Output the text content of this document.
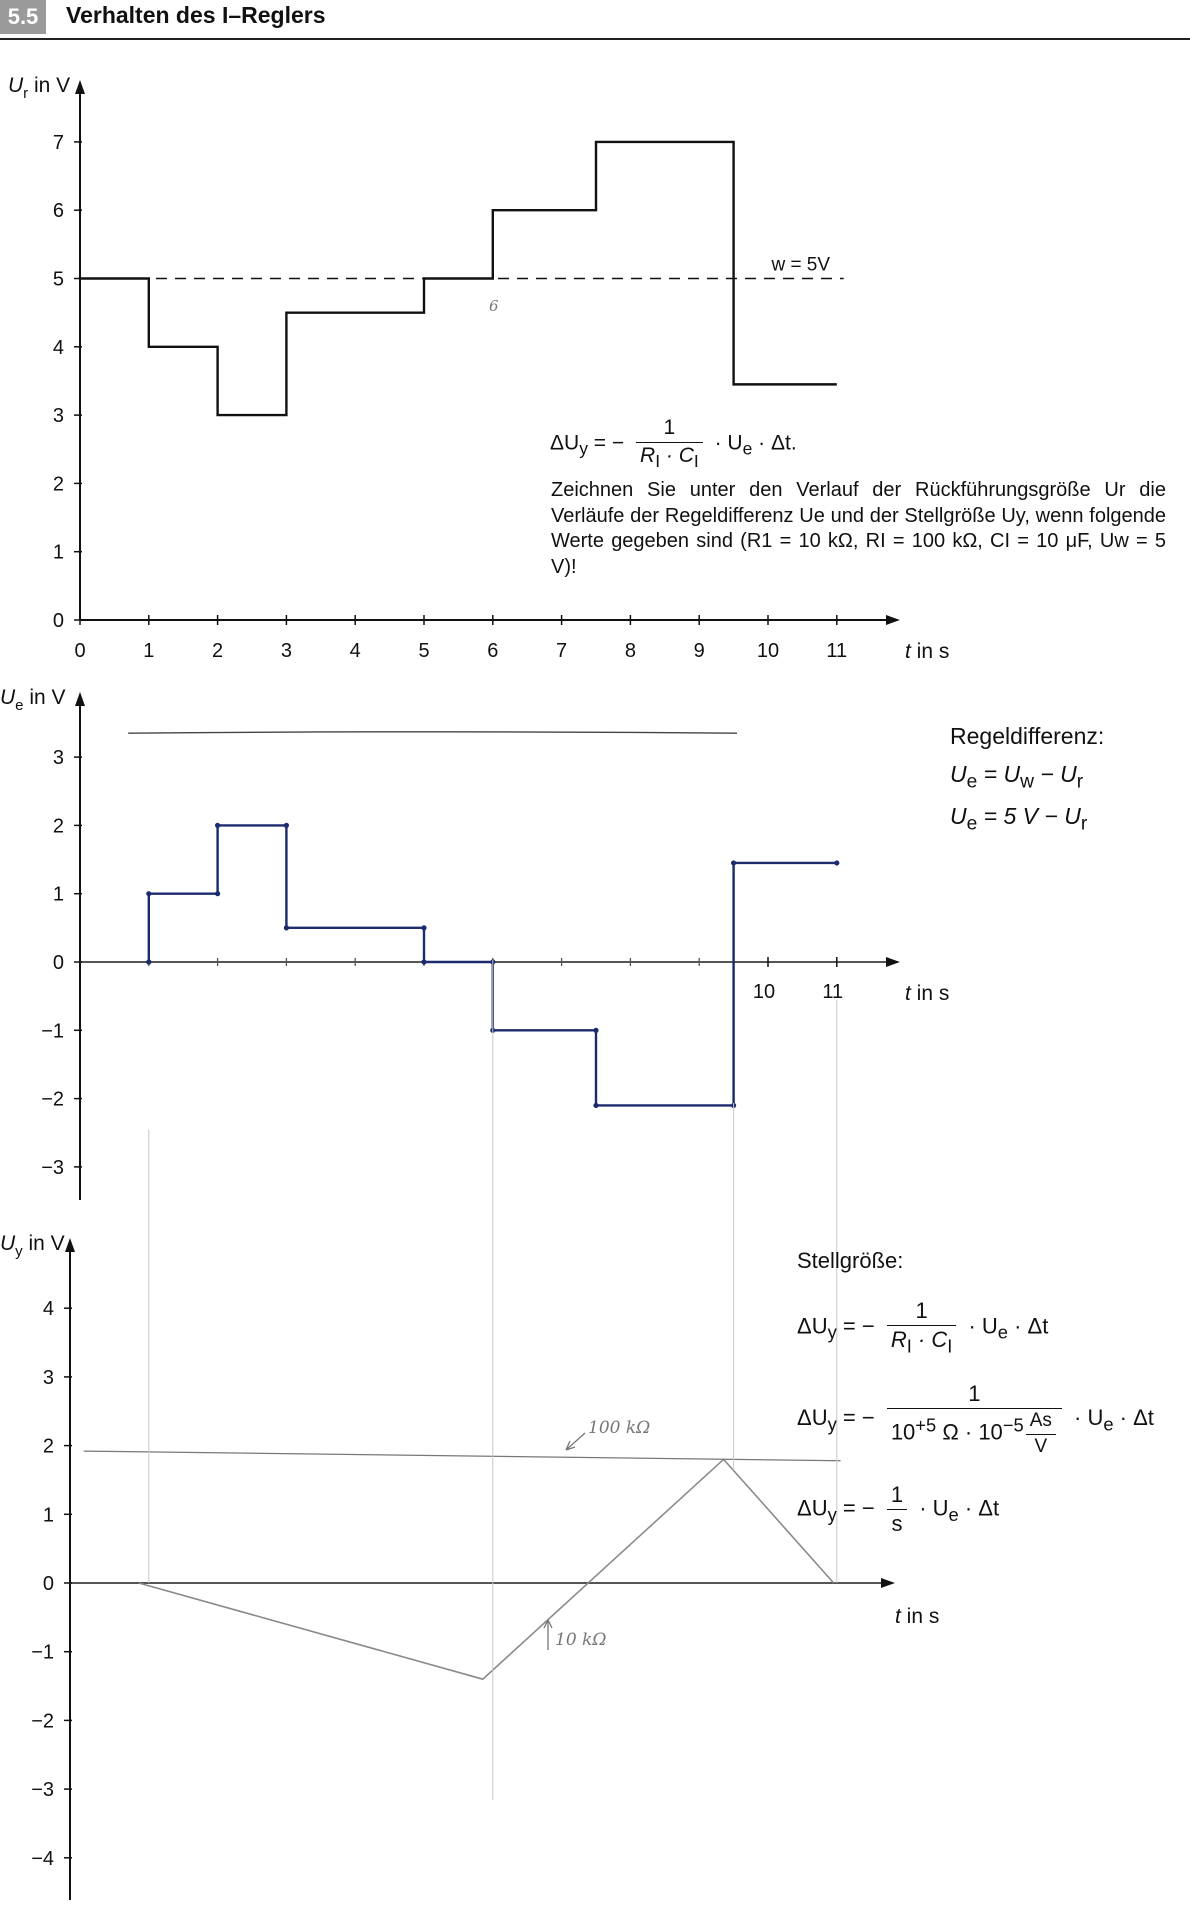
5.5	Verhalten des I–Reglers
$U_r$ in V
t in s
0
1
2
3
4
5
6
7
0	1	2	3	4	5	6	7	8	9	10 11
w = 5V
$U_e$ in V
t in s
−3
−2
−1
0
1
2
3
10 11
$U_y$ in V
t in s
−4
−3
−2
−1
0
1
2
3
4
$\Delta U_y$ = − $\frac{1}{R_I \cdot C_I} \cdot U_e \cdot \Delta t$.
Zeichnen Sie unter den Verlauf der Rückführungsgröße Ur die Verläufe der Regeldifferenz Ue und der Stellgröße Uy, wenn folgende Werte gegeben sind (R1 = 10 kΩ, RI = 100 kΩ, CI = 10 μF, Uw = 5 V)!
Regeldifferenz:
$U_e = U_w - U_r$
$U_e = 5$ $V - U_r$
Stellgröße:
$\Delta U_y$ = − $\frac{1}{R_I \cdot C_I} \cdot U_e \cdot \Delta t$
$\Delta U_y$ = − $\frac{1}{10^{+5} \Omega \cdot 10^{-5} \frac{As}{V}} \cdot U_e \cdot \Delta t$
$\Delta U_y$ = − $\frac{1}{s} \cdot U_e \cdot \Delta t$
100 kΩ
10 kΩ
6
